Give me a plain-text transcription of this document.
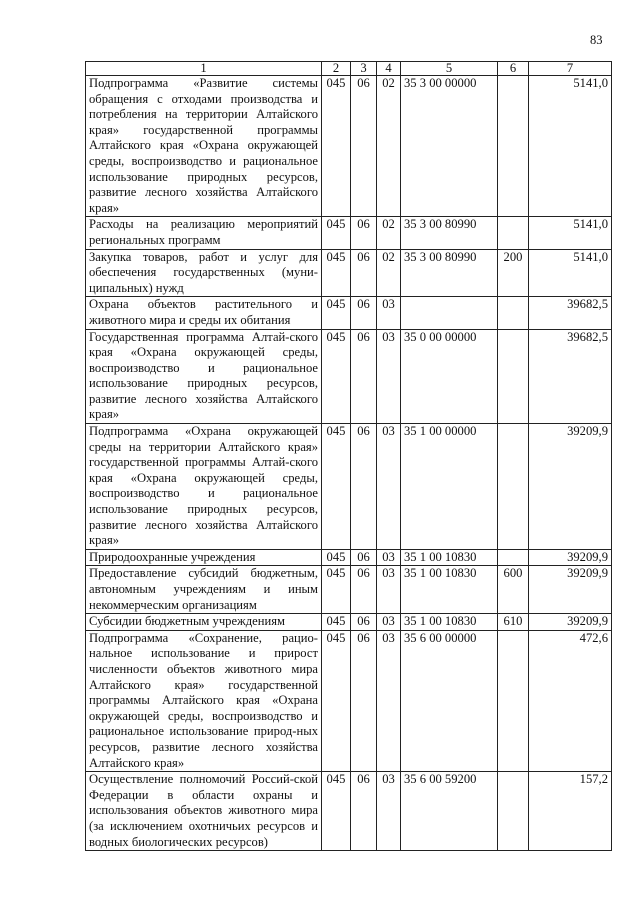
83
1	2	3	4	5	6	7
Подпрограмма «Развитие системы обращения с отходами производства и потребления на территории Алтайского края» государственной программы Алтайского края «Охрана окружающей среды, воспроизводство и рациональное использование природных ресурсов, развитие лесного хозяйства Алтайского края»	045	06	02	35 3 00 00000		5141,0
Расходы на реализацию мероприятий региональных программ	045	06	02	35 3 00 80990		5141,0
Закупка товаров, работ и услуг для обеспечения государственных (муни-ципальных) нужд	045	06	02	35 3 00 80990	200	5141,0
Охрана объектов растительного и животного мира и среды их обитания	045	06	03			39682,5
Государственная программа Алтай-ского края «Охрана окружающей среды, воспроизводство и рациональное использование природных ресурсов, развитие лесного хозяйства Алтайского края»	045	06	03	35 0 00 00000		39682,5
Подпрограмма «Охрана окружающей среды на территории Алтайского края» государственной программы Алтай-ского края «Охрана окружающей среды, воспроизводство и рациональное использование природных ресурсов, развитие лесного хозяйства Алтайского края»	045	06	03	35 1 00 00000		39209,9
Природоохранные учреждения	045	06	03	35 1 00 10830		39209,9
Предоставление субсидий бюджетным, автономным учреждениям и иным некоммерческим организациям	045	06	03	35 1 00 10830	600	39209,9
Субсидии бюджетным учреждениям	045	06	03	35 1 00 10830	610	39209,9
Подпрограмма «Сохранение, рацио-нальное использование и прирост численности объектов животного мира Алтайского края» государственной программы Алтайского края «Охрана окружающей среды, воспроизводство и рациональное использование природ-ных ресурсов, развитие лесного хозяйства Алтайского края»	045	06	03	35 6 00 00000		472,6
Осуществление полномочий Россий-ской Федерации в области охраны и использования объектов животного мира (за исключением охотничьих ресурсов и водных биологических ресурсов)	045	06	03	35 6 00 59200		157,2
